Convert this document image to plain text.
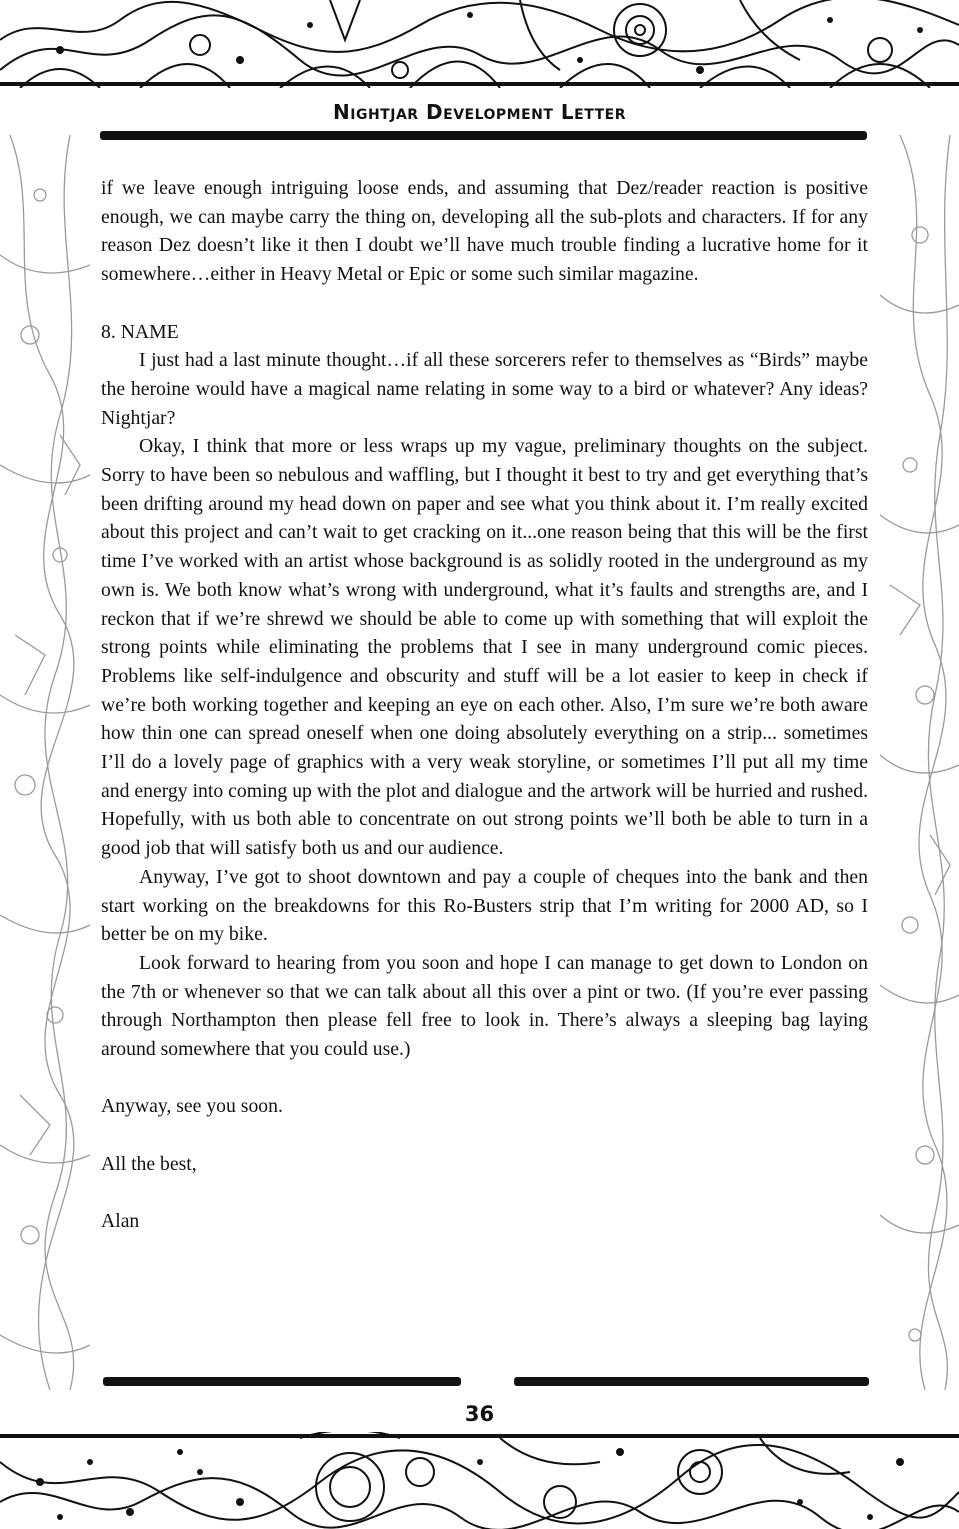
Nightjar Development Letter

if we leave enough intriguing loose ends, and assuming that Dez/reader reaction is positive enough, we can maybe carry the thing on, developing all the sub-plots and characters. If for any reason Dez doesn’t like it then I doubt we’ll have much trouble finding a lucrative home for it somewhere…either in Heavy Metal or Epic or some such similar magazine.

8. NAME

I just had a last minute thought…if all these sorcerers refer to themselves as “Birds” maybe the heroine would have a magical name relating in some way to a bird or whatever? Any ideas? Nightjar?

Okay, I think that more or less wraps up my vague, preliminary thoughts on the subject. Sorry to have been so nebulous and waffling, but I thought it best to try and get everything that’s been drifting around my head down on paper and see what you think about it. I’m really excited about this project and can’t wait to get cracking on it...one reason being that this will be the first time I’ve worked with an artist whose background is as solidly rooted in the underground as my own is. We both know what’s wrong with underground, what it’s faults and strengths are, and I reckon that if we’re shrewd we should be able to come up with something that will exploit the strong points while eliminating the problems that I see in many underground comic pieces. Problems like self-indulgence and obscurity and stuff will be a lot easier to keep in check if we’re both working together and keeping an eye on each other. Also, I’m sure we’re both aware how thin one can spread oneself when one doing absolutely everything on a strip... sometimes I’ll do a lovely page of graphics with a very weak storyline, or sometimes I’ll put all my time and energy into coming up with the plot and dialogue and the artwork will be hurried and rushed. Hopefully, with us both able to concentrate on out strong points we’ll both be able to turn in a good job that will satisfy both us and our audience.

Anyway, I’ve got to shoot downtown and pay a couple of cheques into the bank and then start working on the breakdowns for this Ro-Busters strip that I’m writing for 2000 AD, so I better be on my bike.

Look forward to hearing from you soon and hope I can manage to get down to London on the 7th or whenever so that we can talk about all this over a pint or two. (If you’re ever passing through Northampton then please fell free to look in. There’s always a sleeping bag laying around somewhere that you could use.)

Anyway, see you soon.

All the best,

Alan

36
